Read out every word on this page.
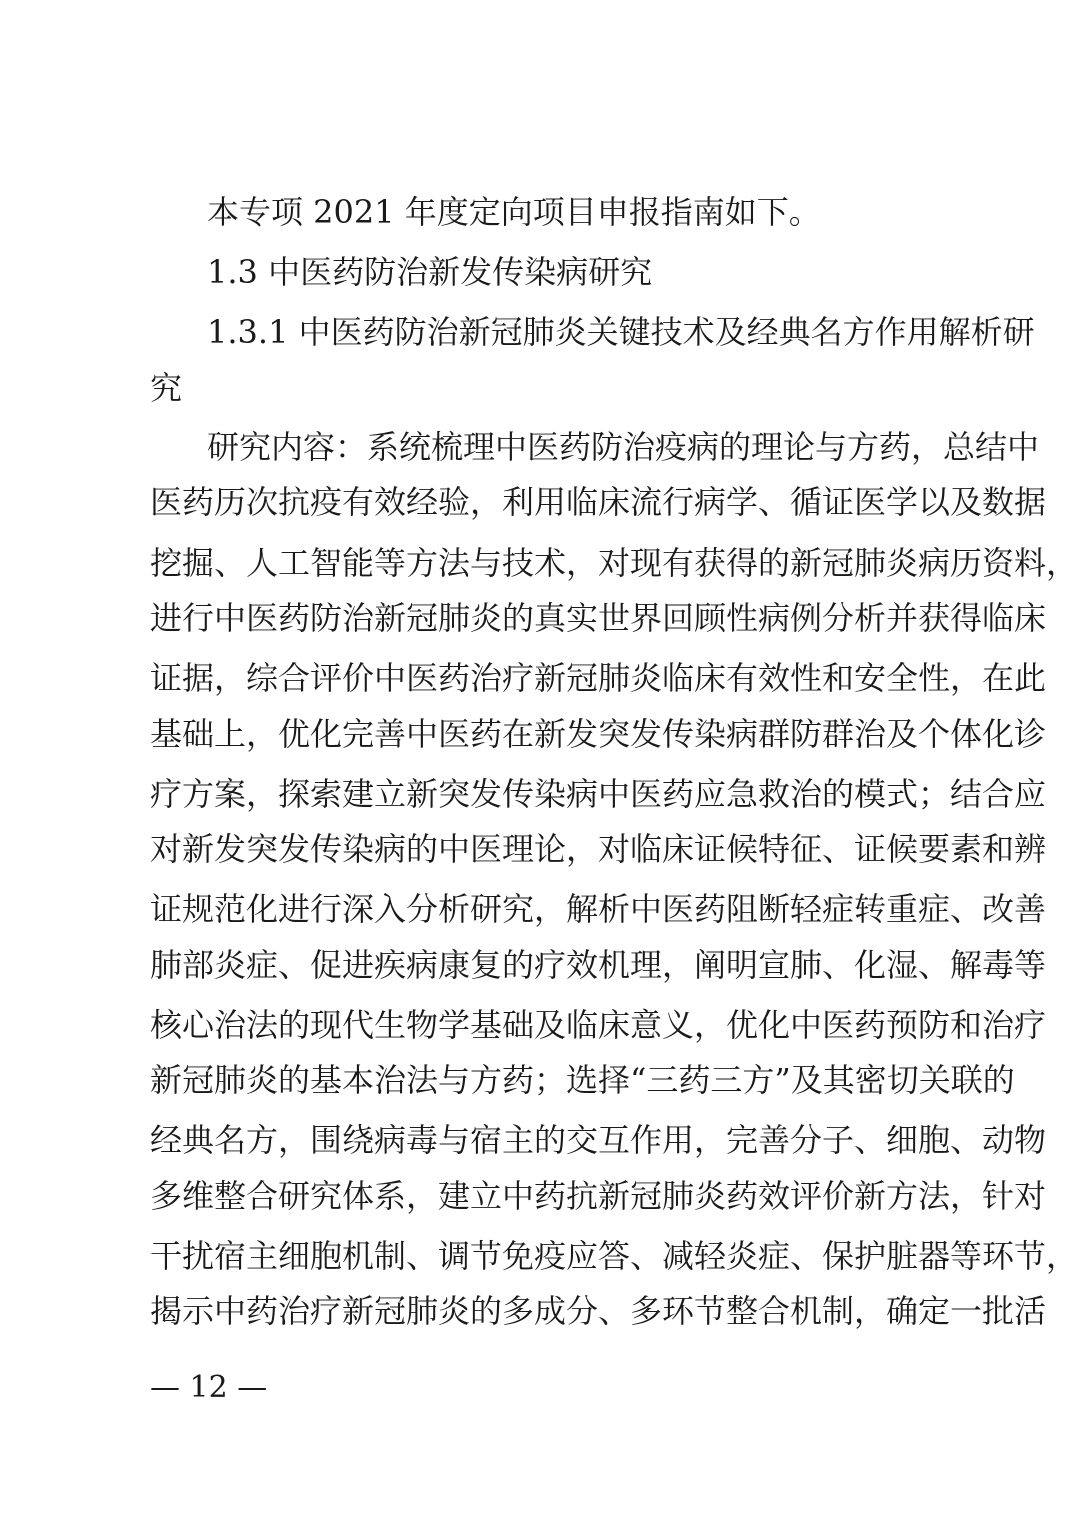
本专项 2021 年度定向项目申报指南如下。
1.3 中医药防治新发传染病研究
1.3.1 中医药防治新冠肺炎关键技术及经典名方作用解析研
究
研究内容：系统梳理中医药防治疫病的理论与方药，总结中
医药历次抗疫有效经验，利用临床流行病学、循证医学以及数据
挖掘、人工智能等方法与技术，对现有获得的新冠肺炎病历资料，
进行中医药防治新冠肺炎的真实世界回顾性病例分析并获得临床
证据，综合评价中医药治疗新冠肺炎临床有效性和安全性，在此
基础上，优化完善中医药在新发突发传染病群防群治及个体化诊
疗方案，探索建立新突发传染病中医药应急救治的模式；结合应
对新发突发传染病的中医理论，对临床证候特征、证候要素和辨
证规范化进行深入分析研究，解析中医药阻断轻症转重症、改善
肺部炎症、促进疾病康复的疗效机理，阐明宣肺、化湿、解毒等
核心治法的现代生物学基础及临床意义，优化中医药预防和治疗
新冠肺炎的基本治法与方药；选择“三药三方”及其密切关联的
经典名方，围绕病毒与宿主的交互作用，完善分子、细胞、动物
多维整合研究体系，建立中药抗新冠肺炎药效评价新方法，针对
干扰宿主细胞机制、调节免疫应答、减轻炎症、保护脏器等环节，
揭示中药治疗新冠肺炎的多成分、多环节整合机制，确定一批活
— 12 —
